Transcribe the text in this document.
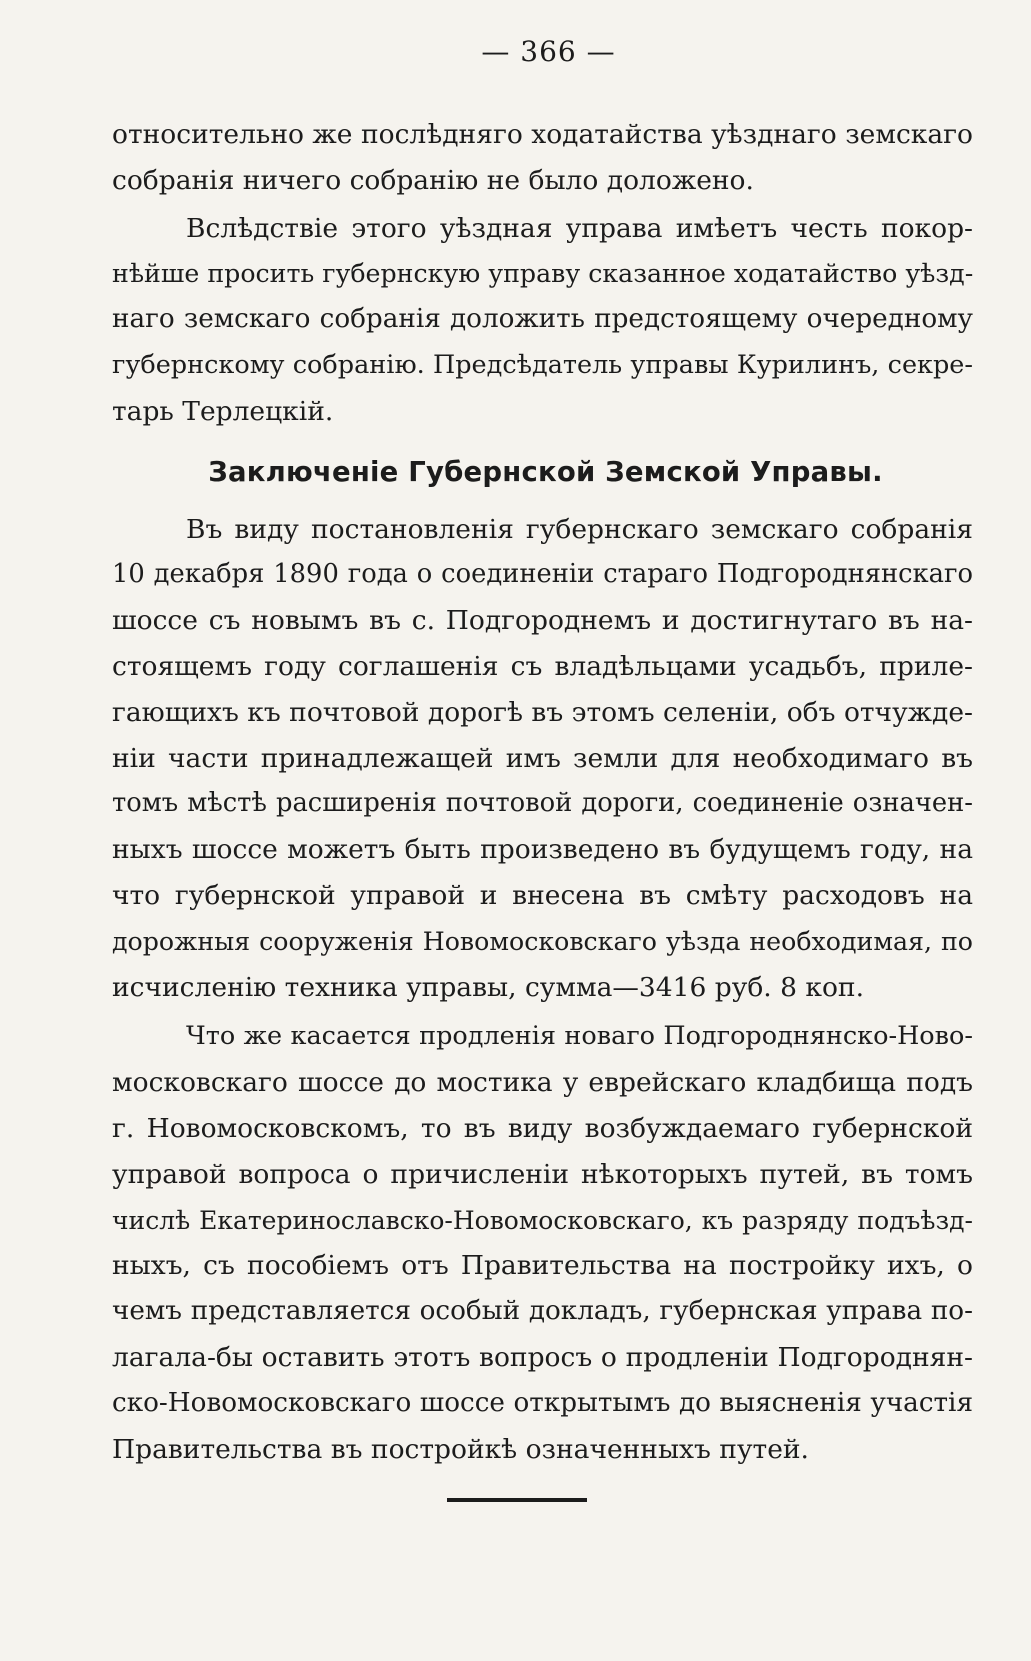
— 366 —
относительно же послѣдняго ходатайства уѣзднаго земскаго
собранія ничего собранію не было доложено.
Вслѣдствіе этого уѣздная управа имѣетъ честь покор-
нѣйше просить губернскую управу сказанное ходатайство уѣзд-
наго земскаго собранія доложить предстоящему очередному
губернскому собранію. Предсѣдатель управы Курилинъ, секре-
тарь Терлецкій.
Заключеніе Губернской Земской Управы.
Въ виду постановленія губернскаго земскаго собранія
10 декабря 1890 года о соединеніи стараго Подгороднянскаго
шоссе съ новымъ въ с. Подгороднемъ и достигнутаго въ на-
стоящемъ году соглашенія съ владѣльцами усадьбъ, приле-
гающихъ къ почтовой дорогѣ въ этомъ селеніи, объ отчужде-
ніи части принадлежащей имъ земли для необходимаго въ
томъ мѣстѣ расширенія почтовой дороги, соединеніе означен-
ныхъ шоссе можетъ быть произведено въ будущемъ году, на
что губернской управой и внесена въ смѣту расходовъ на
дорожныя сооруженія Новомосковскаго уѣзда необходимая, по
исчисленію техника управы, сумма—3416 руб. 8 коп.
Что же касается продленія новаго Подгороднянско-Ново-
московскаго шоссе до мостика у еврейскаго кладбища подъ
г. Новомосковскомъ, то въ виду возбуждаемаго губернской
управой вопроса о причисленіи нѣкоторыхъ путей, въ томъ
числѣ Екатеринославско-Новомосковскаго, къ разряду подъѣзд-
ныхъ, съ пособіемъ отъ Правительства на постройку ихъ, о
чемъ представляется особый докладъ, губернская управа по-
лагала-бы оставить этотъ вопросъ о продленіи Подгороднян-
ско-Новомосковскаго шоссе открытымъ до выясненія участія
Правительства въ постройкѣ означенныхъ путей.
